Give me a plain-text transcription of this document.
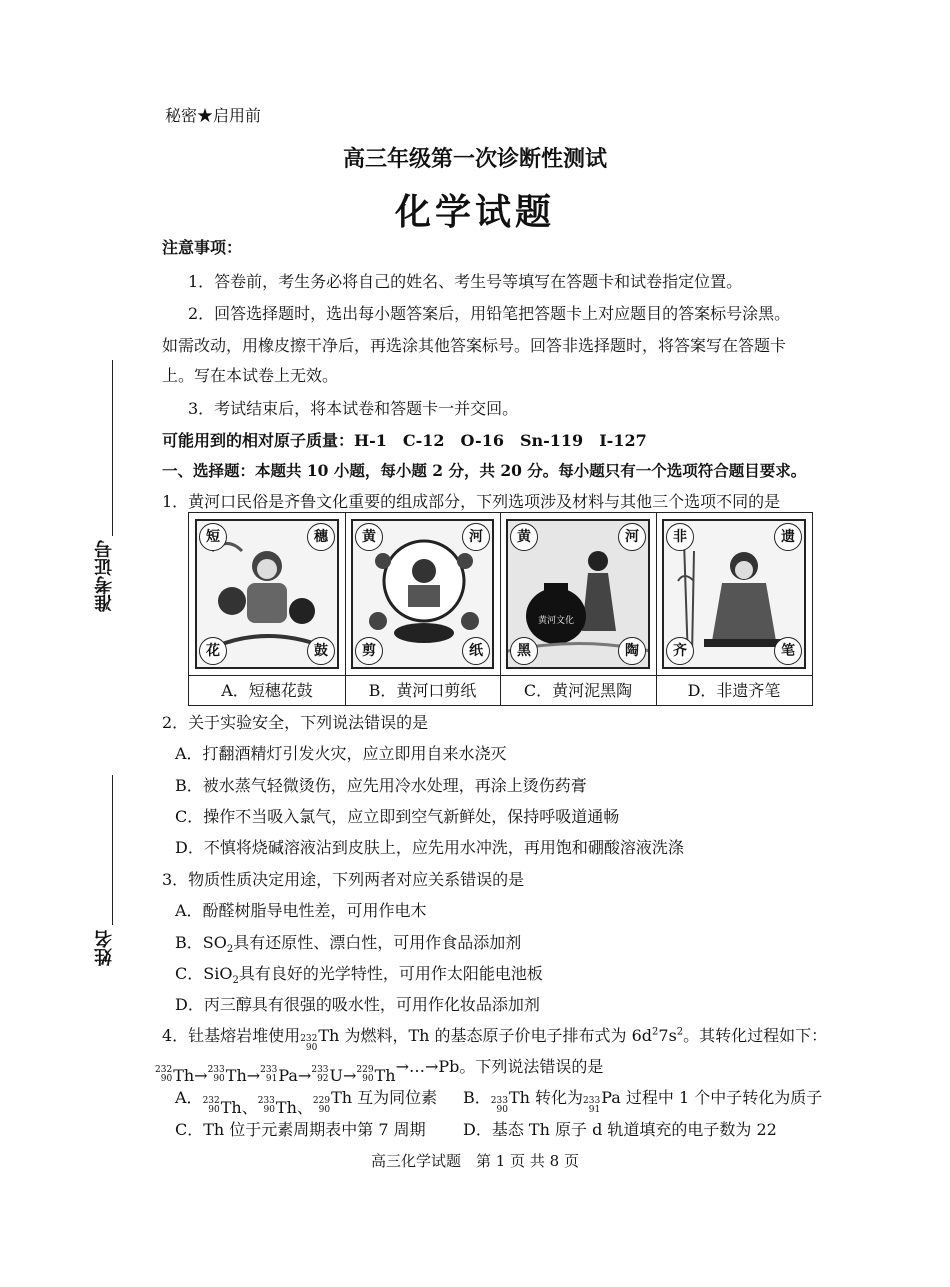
秘密★启用前
高三年级第一次诊断性测试
化学试题
注意事项：
1．答卷前，考生务必将自己的姓名、考生号等填写在答题卡和试卷指定位置。
2．回答选择题时，选出每小题答案后，用铅笔把答题卡上对应题目的答案标号涂黑。
如需改动，用橡皮擦干净后，再选涂其他答案标号。回答非选择题时，将答案写在答题卡
上。写在本试卷上无效。
3．考试结束后，将本试卷和答题卡一并交回。
可能用到的相对原子质量：H-1　C-12　O-16　Sn-119　I-127
一、选择题：本题共 10 小题，每小题 2 分，共 20 分。每小题只有一个选项符合题目要求。
准考证号
姓名
1．黄河口民俗是齐鲁文化重要的组成部分，下列选项涉及材料与其他三个选项不同的是
短	穗
花	鼓
黄	河
剪	纸
黄河文化
黄	河
黑	陶
非	遗
齐	笔
A．短穗花鼓	B．黄河口剪纸	C．黄河泥黑陶	D．非遗齐笔
2．关于实验安全，下列说法错误的是
A．打翻酒精灯引发火灾，应立即用自来水浇灭
B．被水蒸气轻微烫伤，应先用冷水处理，再涂上烫伤药膏
C．操作不当吸入氯气，应立即到空气新鲜处，保持呼吸道通畅
D．不慎将烧碱溶液沾到皮肤上，应先用水冲洗，再用饱和硼酸溶液洗涤
3．物质性质决定用途，下列两者对应关系错误的是
A．酚醛树脂导电性差，可用作电木
B．$SO_2$具有还原性、漂白性，可用作食品添加剂
C．SiO$_2$具有良好的光学特性，可用作太阳能电池板
D．丙三醇具有很强的吸水性，可用作化妆品添加剂
4．钍基熔岩堆使用 232
90
Th 为燃料，Th 的基态原子价电子排布式为 $6d^27s^2$。其转化过程如下：
232
90 Th→ 233
90 Th→ 233
91 Pa→ 233
92 U→ 229
90 Th→…→Pb。下列说法错误的是
A． 232
90 Th、 233
90 Th、 229
90
Th 互为同位素 B． 233
90
Th 转化为 233
91
Pa 过程中 1 个中子转化为质子
C．Th 位于元素周期表中第 7 周期 D．基态 Th 原子 d 轨道填充的电子数为 22
高三化学试题　第 1 页 共 8 页
